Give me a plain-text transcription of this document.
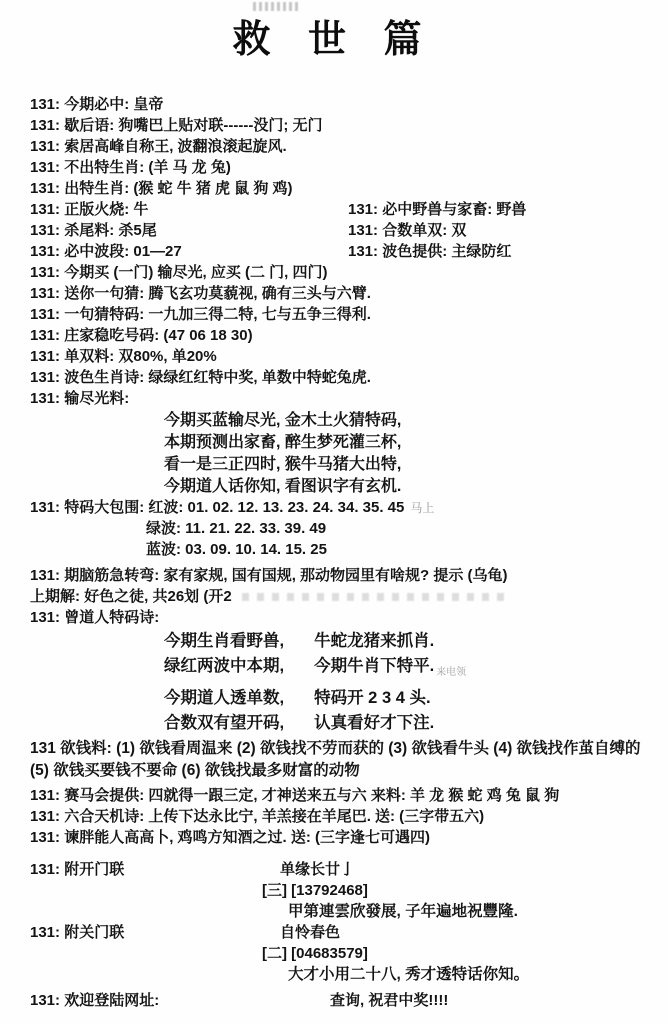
救 世 篇

131: 今期必中: 皇帝

131: 歇后语: 狗嘴巴上贴对联------没门; 无门

131: 索居高峰自称王, 波翻浪滚起旋风.

131: 不出特生肖: (羊 马 龙 兔)

131: 出特生肖: (猴 蛇 牛 猪 虎 鼠 狗 鸡)

131: 正版火烧: 牛	131: 必中野兽与家畜: 野兽

131: 杀尾料: 杀5尾	131: 合数单双: 双

131: 必中波段: 01—27	131: 波色提供: 主绿防红

131: 今期买 (一门) 输尽光, 应买 (二 门, 四门)

131: 送你一句猜: 腾飞玄功莫藐视, 确有三头与六臂.

131: 一句猜特码: 一九加三得二特, 七与五争三得利.

131: 庄家稳吃号码: (47 06 18 30)

131: 单双料: 双80%, 单20%

131: 波色生肖诗: 绿绿红红特中奖, 单数中特蛇兔虎.

131: 输尽光料:

今期买蓝输尽光, 金木土火猜特码,

本期预测出家畜, 醉生梦死灌三杯,

看一是三正四时, 猴牛马猪大出特,

今期道人话你知, 看图识字有玄机.

131: 特码大包围: 红波: 01. 02. 12. 13. 23. 24. 34. 35. 45 马上

绿波: 11. 21. 22. 33. 39. 49

蓝波: 03. 09. 10. 14. 15. 25

131: 期脑筋急转弯: 家有家规, 国有国规, 那动物园里有啥规? 提示 (乌龟)

上期解: 好色之徒, 共26划 (开2

131: 曾道人特码诗:

今期生肖看野兽, 牛蛇龙猪来抓肖.

绿红两波中本期, 今期牛肖下特平. $_{来电领}$

今期道人透单数, 特码开 2 3 4 头.

合数双有望开码, 认真看好才下注.

131 欲钱料: (1) 欲钱看周温来 (2) 欲钱找不劳而获的 (3) 欲钱看牛头 (4) 欲钱找作茧自缚的 (5) 欲钱买要钱不要命 (6) 欲钱找最多财富的动物

131: 赛马会提供: 四就得一跟三定, 才神送来五与六 来料: 羊 龙 猴 蛇 鸡 兔 鼠 狗

131: 六合天机诗: 上传下达永比宁, 羊羔接在羊尾巴. 送: (三字带五六)

131: 谏胖能人高高卜, 鸡鸣方知酒之过. 送: (三字逢七可遇四)

131: 附开门联	单缘长廿亅

[三] [13792468]

甲第連雲欣發展, 子年遍地祝豐隆.

131: 附关门联	自怜春色

[二] [04683579]

大才小用二十八, 秀才透特话你知。

131: 欢迎登陆网址:	查询, 祝君中奖!!!!
